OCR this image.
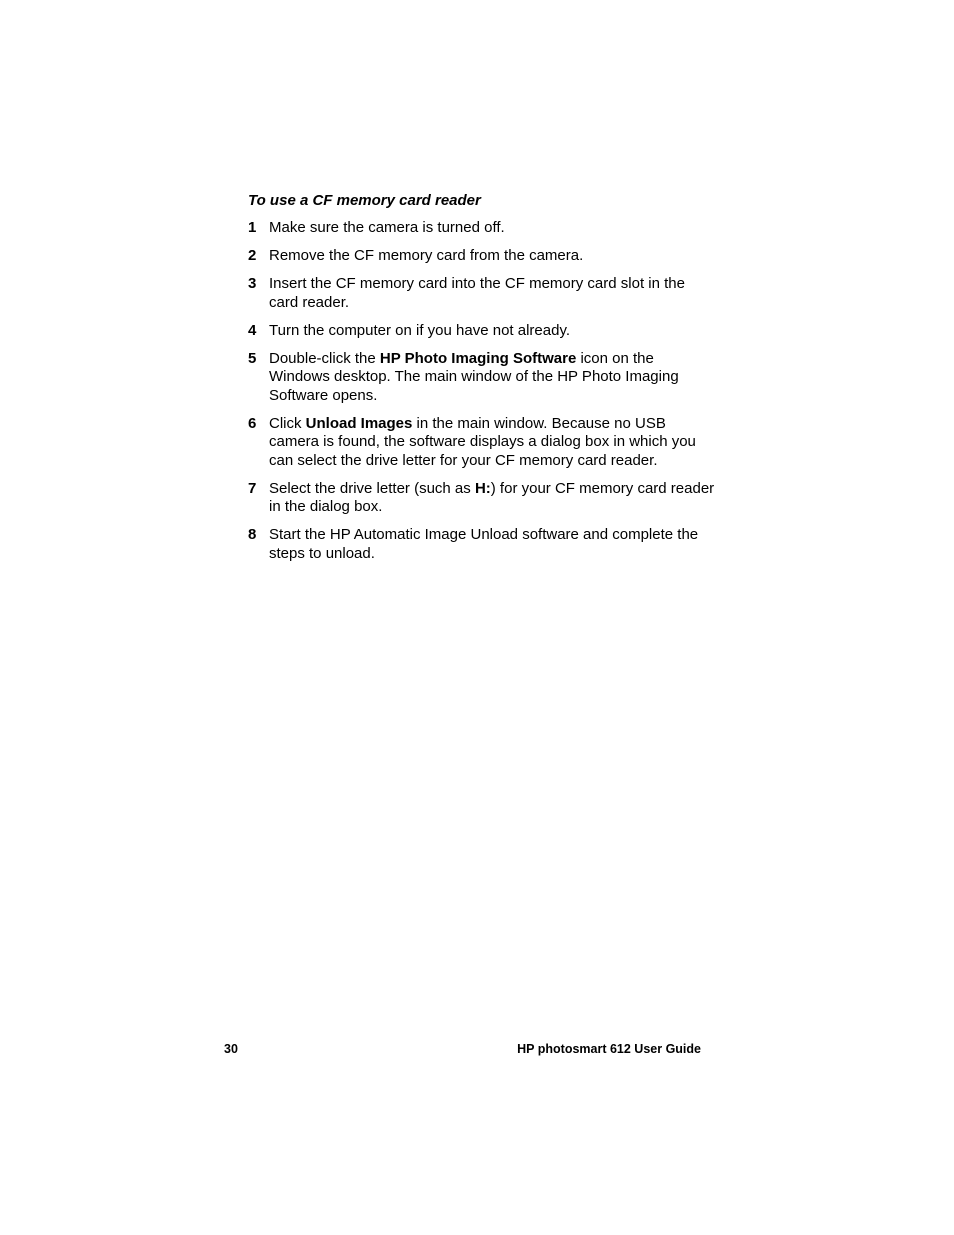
To use a CF memory card reader
1 Make sure the camera is turned off.
2 Remove the CF memory card from the camera.
3 Insert the CF memory card into the CF memory card slot in the card reader.
4 Turn the computer on if you have not already.
5 Double-click the HP Photo Imaging Software icon on the Windows desktop. The main window of the HP Photo Imaging Software opens.
6 Click Unload Images in the main window. Because no USB camera is found, the software displays a dialog box in which you can select the drive letter for your CF memory card reader.
7 Select the drive letter (such as H:) for your CF memory card reader in the dialog box.
8 Start the HP Automatic Image Unload software and complete the steps to unload.
30	HP photosmart 612 User Guide
